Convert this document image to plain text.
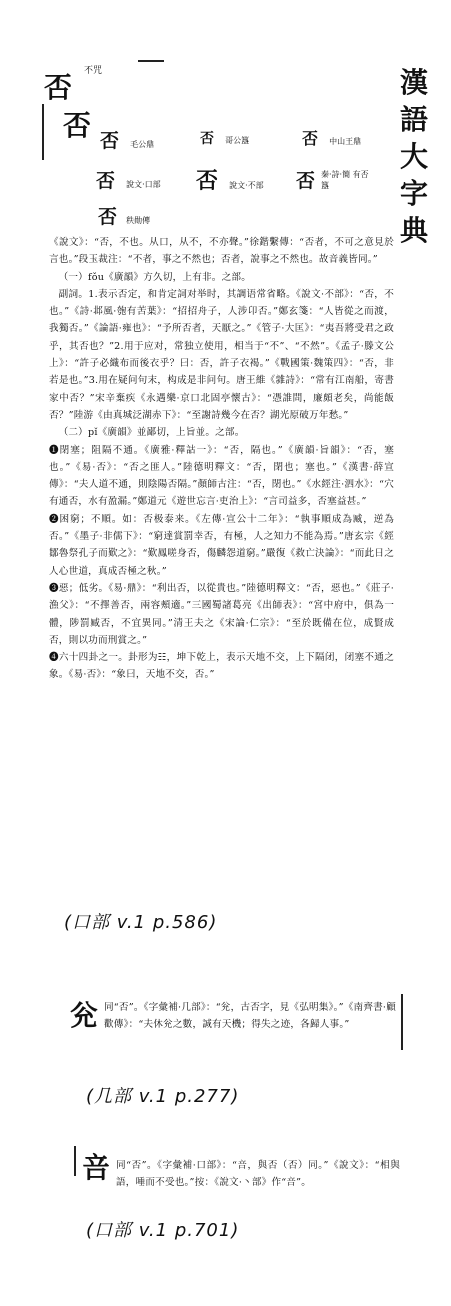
漢
語
大
字
典
否 不咒
否 否 毛公鼎	否 哥公簋	否 中山王鼎
否 說文·口部 否 說文·不部 否 秦·詩·簡 有否簋
否 秩勛傳

《說文》：“否，不也。从口，从不，不亦聲。”徐鍇繫傳：“否者，不可之意見於言也。”段玉裁注：“不者，事之不然也；否者，說事之不然也。故音義皆同。”

（一）fǒu《廣韻》方久切，上有非。之部。

副詞。1.表示否定，和肯定詞对举时，其調语常省略。《說文·不部》：“否，不也。”《詩·邶風·匏有苦葉》：“招招舟子，人涉卬否。”鄭玄箋：“人皆從之而渡，我獨否。”《論語·雍也》：“予所否者，天厭之。”《管子·大匡》：“夷吾將受君之政乎，其否也？”2.用于应对，常独立使用，相当于“不”、“不然”。《孟子·滕文公上》：“許子必織布而後衣乎？曰：否，許子衣褐。”《戰國策·魏策四》：“否，非若是也。”3.用在疑问句末，构成是非问句。唐王維《雜詩》：“常有江南船，寄書家中否？”宋辛棄疾《永遇樂·京口北固亭懷古》：“憑誰問，廉頗老矣，尚能飯否？”陸游《由真城泛湖赤下》：“至謝詩幾今在否？湖光原破万年愁。”

（二）pǐ《廣韻》並鄙切，上旨並。之部。

❶閉塞；阻隔不通。《廣雅·釋詁一》：“否，隔也。”《廣韻·旨韻》：“否，塞也。”《易·否》：“否之匪人。”陸德明釋文：“否，閉也；塞也。”《漢書·薛宣傳》：“夫人道不通，則陰陽否隔。”顏師古注：“否，閉也。”《水經注·泗水》：“穴有通否，水有盈漏。”鄭道元《遊世忘言·吏治上》：“言司益多，否塞益甚。”

❷困窮；不順。如：否极泰来。《左傳·宣公十二年》：“執事順成為臧，逆為否。”《墨子·非儒下》：“窮達賞罰幸否，有極，人之知力不能為焉。”唐玄宗《經鄒魯祭孔子而歎之》：“歎鳳嗟身否，傷麟怨道窮。”嚴復《救亡決論》：“而此日之人心世道，真成否極之秋。”

❸惡；低劣。《易·鼎》：“利出否，以從貴也。”陸德明釋文：“否，惡也。”《莊子·漁父》：“不擇善否，兩容頰適。”三國蜀諸葛亮《出師表》：“宮中府中，俱為一體，陟罰臧否，不宜異同。”清王夫之《宋論·仁宗》：“至於既備在位，成賢成否，則以功而刑賞之。”

❹六十四卦之一。卦形为☷，坤下乾上，表示天地不交，上下隔闭，闭塞不通之象。《易·否》：“象曰，天地不交，否。”

(口部 v.1 p.586)
兊 同“否”。《字彙補·几部》：“兊，古否字，見《弘明集》。”《南齊書·顧歡傳》：“夫休兊之數，誠有天機；得失之迹，各歸人事。”
(几部 v.1 p.277)
咅 同“否”。《字彙補·口部》：“咅，與否（否）同。”《說文》：“相與語，唾而不受也。”按：《說文·丶部》作“咅”。
(口部 v.1 p.701)
